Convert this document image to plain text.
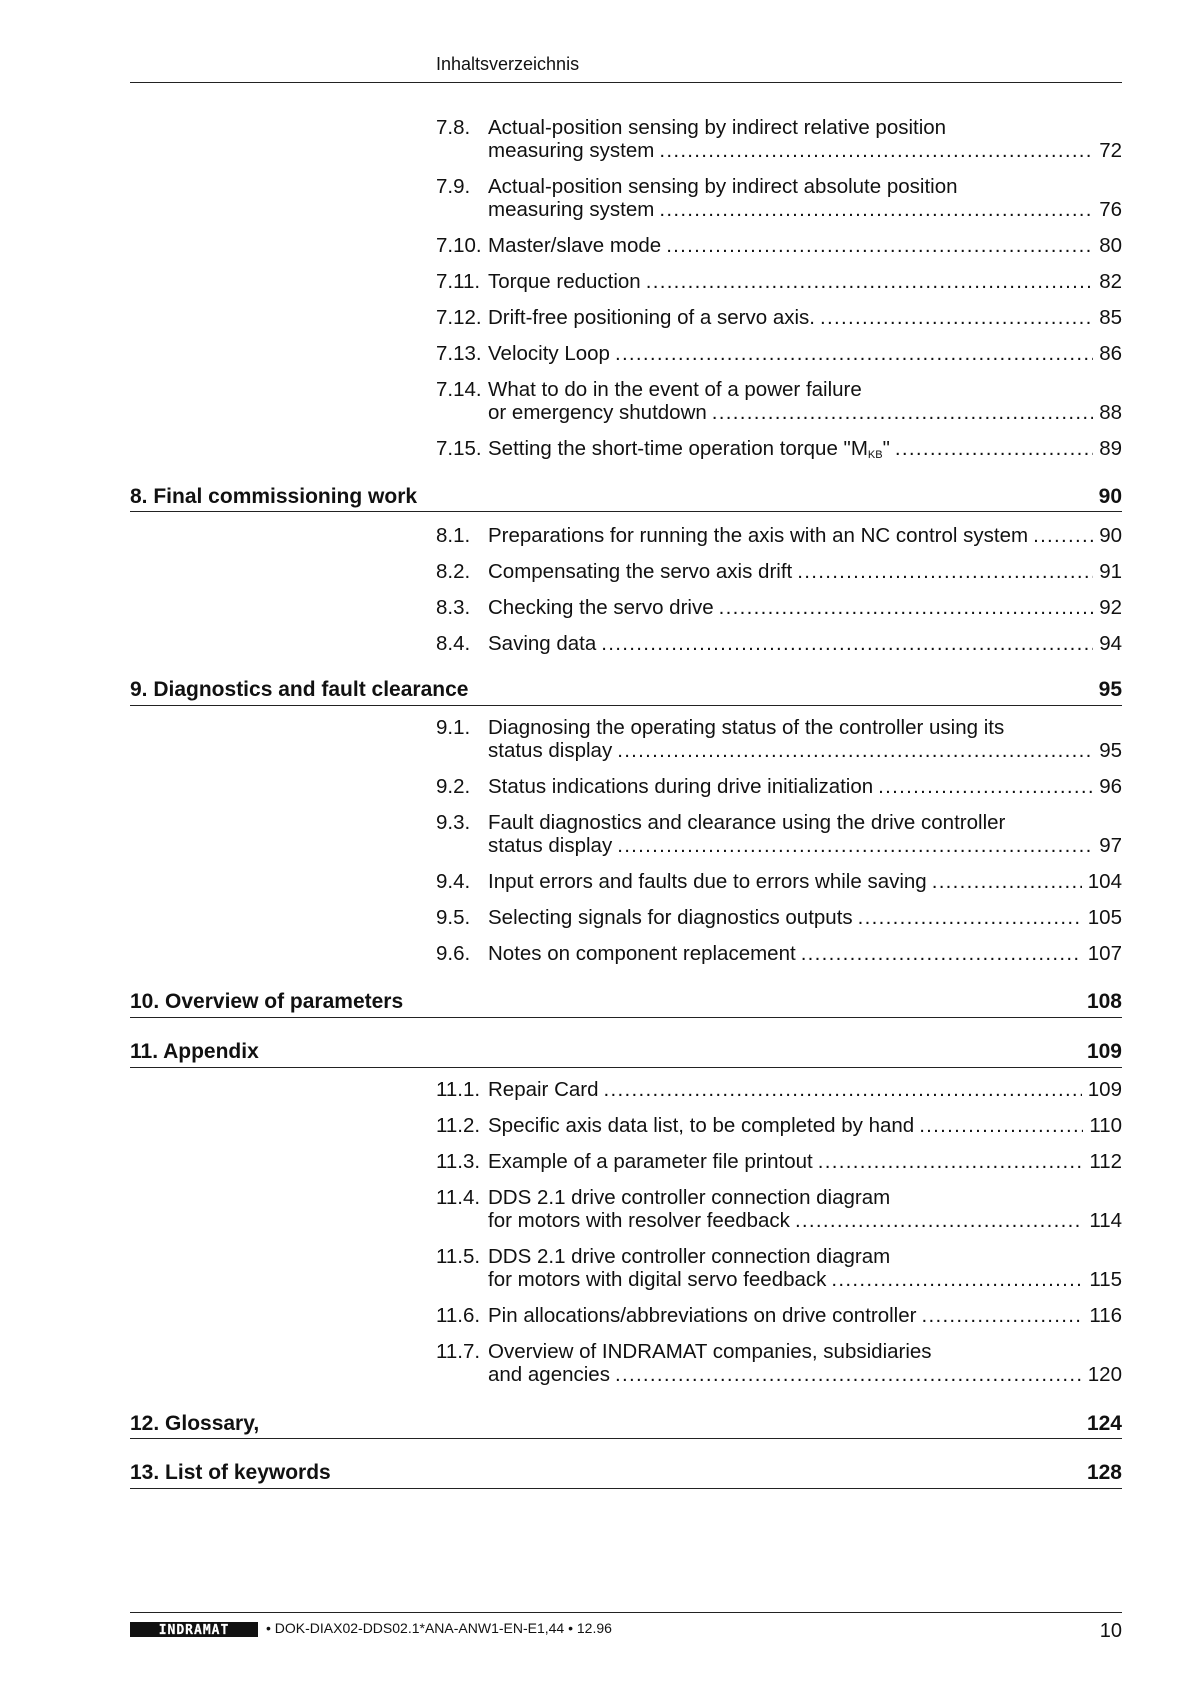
Inhaltsverzeichnis
7.8. Actual-position sensing by indirect relative position
measuring system . . .	72
7.9. Actual-position sensing by indirect absolute position
measuring system . . .	76
7.10. Master/slave mode . . .	80
7.11. Torque reduction . . .	82
7.12. Drift-free positioning of a servo axis. . . .	85
7.13. Velocity Loop . . .	86
7.14. What to do in the event of a power failure
or emergency shutdown . . .	88
7.15. Setting the short-time operation torque "$M_{KB}$" . . .	89
8. Final commissioning work	90
8.1. Preparations for running the axis with an NC control system . . .	90
8.2. Compensating the servo axis drift . . .	91
8.3. Checking the servo drive . . .	92
8.4. Saving data . . .	94
9. Diagnostics and fault clearance	95
9.1. Diagnosing the operating status of the controller using its
status display . . .	95
9.2. Status indications during drive initialization . . .	96
9.3. Fault diagnostics and clearance using the drive controller
status display . . .	97
9.4. Input errors and faults due to errors while saving . . .	104
9.5. Selecting signals for diagnostics outputs . . .	105
9.6. Notes on component replacement . . .	107
10. Overview of parameters	108
11. Appendix	109
11.1. Repair Card . . .	109
11.2. Specific axis data list, to be completed by hand . . .	110
11.3. Example of a parameter file printout . . .	112
11.4. DDS 2.1 drive controller connection diagram
for motors with resolver feedback . . .	114
11.5. DDS 2.1 drive controller connection diagram
for motors with digital servo feedback . . .	115
11.6. Pin allocations/abbreviations on drive controller . . .	116
11.7. Overview of INDRAMAT companies, subsidiaries
and agencies . . .	120
12. Glossary,	124
13. List of keywords	128
INDRAMAT	• DOK-DIAX02-DDS02.1*ANA-ANW1-EN-E1,44 • 12.96	10
